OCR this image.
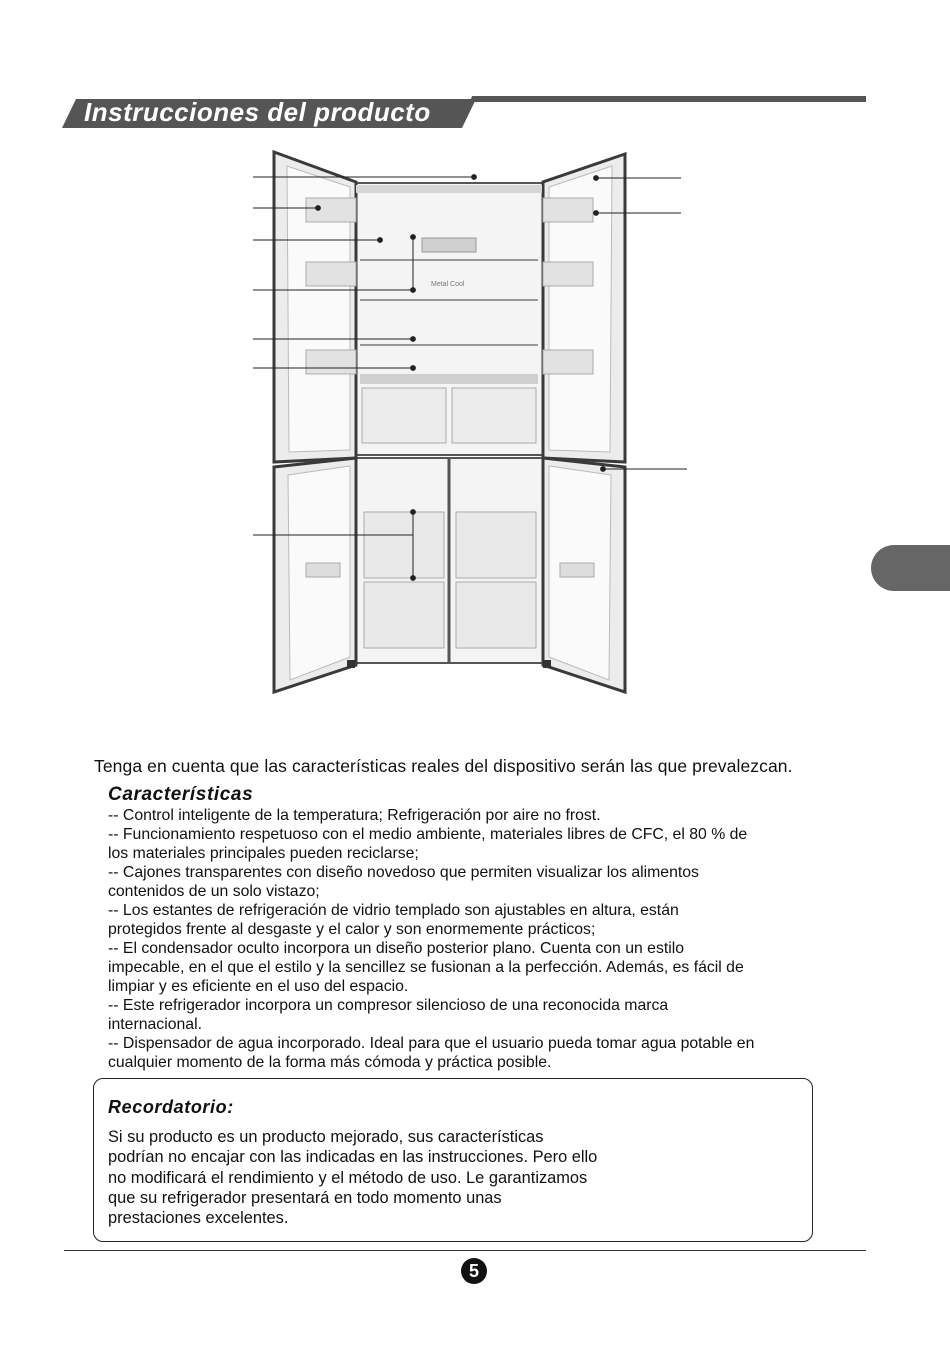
Instrucciones del producto
Metal Cool
Tenga en cuenta que las características reales del dispositivo serán las que prevalezcan.
Características
-- Control inteligente de la temperatura; Refrigeración por aire no frost.
-- Funcionamiento respetuoso con el medio ambiente, materiales libres de CFC, el 80 % de
los materiales principales pueden reciclarse;
-- Cajones transparentes con diseño novedoso que permiten visualizar los alimentos
contenidos de un solo vistazo;
-- Los estantes de refrigeración de vidrio templado son ajustables en altura, están
protegidos frente al desgaste y el calor y son enormemente prácticos;
-- El condensador oculto incorpora un diseño posterior plano. Cuenta con un estilo
impecable, en el que el estilo y la sencillez se fusionan a la perfección. Además, es fácil de
limpiar y es eficiente en el uso del espacio.
-- Este refrigerador incorpora un compresor silencioso de una reconocida marca
internacional.
-- Dispensador de agua incorporado. Ideal para que el usuario pueda tomar agua potable en
cualquier momento de la forma más cómoda y práctica posible.
Recordatorio:

Si su producto es un producto mejorado, sus características
podrían no encajar con las indicadas en las instrucciones. Pero ello
no modificará el rendimiento y el método de uso. Le garantizamos
que su refrigerador presentará en todo momento unas
prestaciones excelentes.

5
